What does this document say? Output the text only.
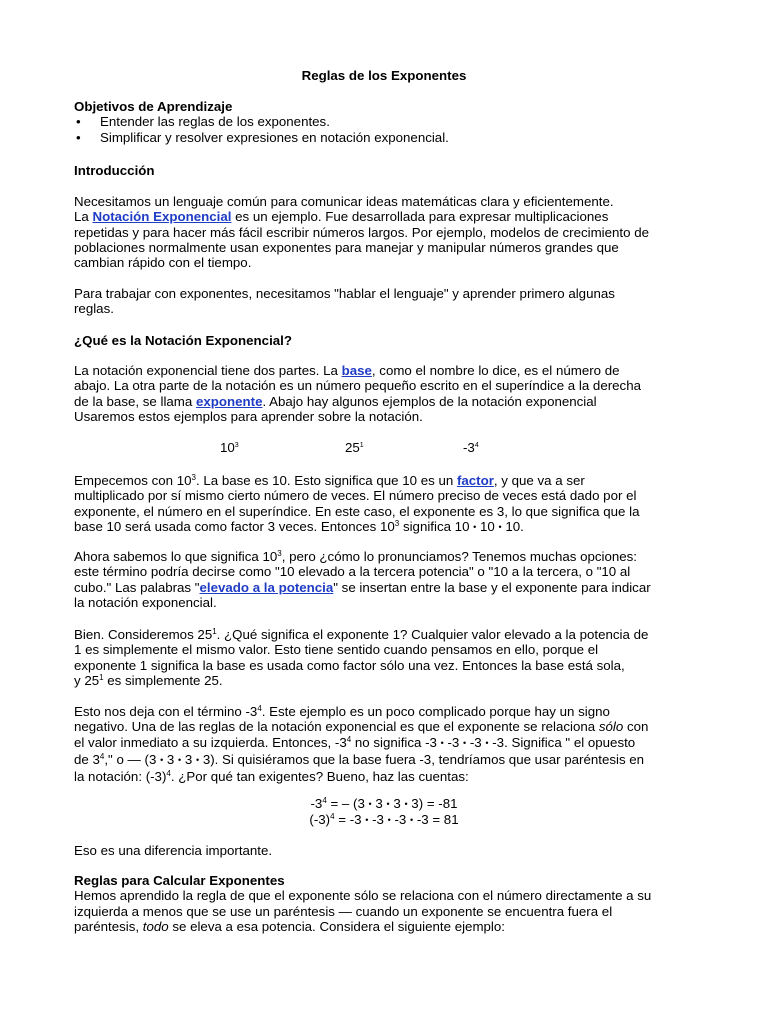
Reglas de los Exponentes
Objetivos de Aprendizaje
• Entender las reglas de los exponentes.
• Simplificar y resolver expresiones en notación exponencial.
Introducción
Necesitamos un lenguaje común para comunicar ideas matemáticas clara y eficientemente.
La Notación Exponencial es un ejemplo. Fue desarrollada para expresar multiplicaciones
repetidas y para hacer más fácil escribir números largos. Por ejemplo, modelos de crecimiento de
poblaciones normalmente usan exponentes para manejar y manipular números grandes que
cambian rápido con el tiempo.
Para trabajar con exponentes, necesitamos "hablar el lenguaje" y aprender primero algunas
reglas.
¿Qué es la Notación Exponencial?
La notación exponencial tiene dos partes. La base, como el nombre lo dice, es el número de
abajo. La otra parte de la notación es un número pequeño escrito en el superíndice a la derecha
de la base, se llama exponente. Abajo hay algunos ejemplos de la notación exponencial
Usaremos estos ejemplos para aprender sobre la notación.
$10^3$	$25^1$	$-3^4$
Empecemos con $10^3$. La base es 10. Esto significa que 10 es un factor, y que va a ser
multiplicado por sí mismo cierto número de veces. El número preciso de veces está dado por el
exponente, el número en el superíndice. En este caso, el exponente es 3, lo que significa que la
base 10 será usada como factor 3 veces. Entonces $10^3$ significa 10 • 10 • 10.
Ahora sabemos lo que significa $10^3$, pero ¿cómo lo pronunciamos? Tenemos muchas opciones:
este término podría decirse como "10 elevado a la tercera potencia" o "10 a la tercera, o "10 al
cubo." Las palabras "elevado a la potencia" se insertan entre la base y el exponente para indicar
la notación exponencial.
Bien. Consideremos $25^1$. ¿Qué significa el exponente 1? Cualquier valor elevado a la potencia de
1 es simplemente el mismo valor. Esto tiene sentido cuando pensamos en ello, porque el
exponente 1 significa la base es usada como factor sólo una vez. Entonces la base está sola,
y $25^1$ es simplemente 25.
Esto nos deja con el término $-3^4$. Este ejemplo es un poco complicado porque hay un signo
negativo. Una de las reglas de la notación exponencial es que el exponente se relaciona sólo con
el valor inmediato a su izquierda. Entonces, $-3^4$ no significa -3 • -3 • -3 • -3. Significa " el opuesto
de $3^4$," o — (3 • 3 • 3 • 3). Si quisiéramos que la base fuera -3, tendríamos que usar paréntesis en
la notación: $(-3)^4$. ¿Por qué tan exigentes? Bueno, haz las cuentas:
$-3^4$ = – (3 • 3 • 3 • 3) = -81
$(-3)^4 = -3$ • -3 • -3 • -3 = 81
Eso es una diferencia importante.
Reglas para Calcular Exponentes
Hemos aprendido la regla de que el exponente sólo se relaciona con el número directamente a su
izquierda a menos que se use un paréntesis — cuando un exponente se encuentra fuera el
paréntesis, todo se eleva a esa potencia. Considera el siguiente ejemplo:
